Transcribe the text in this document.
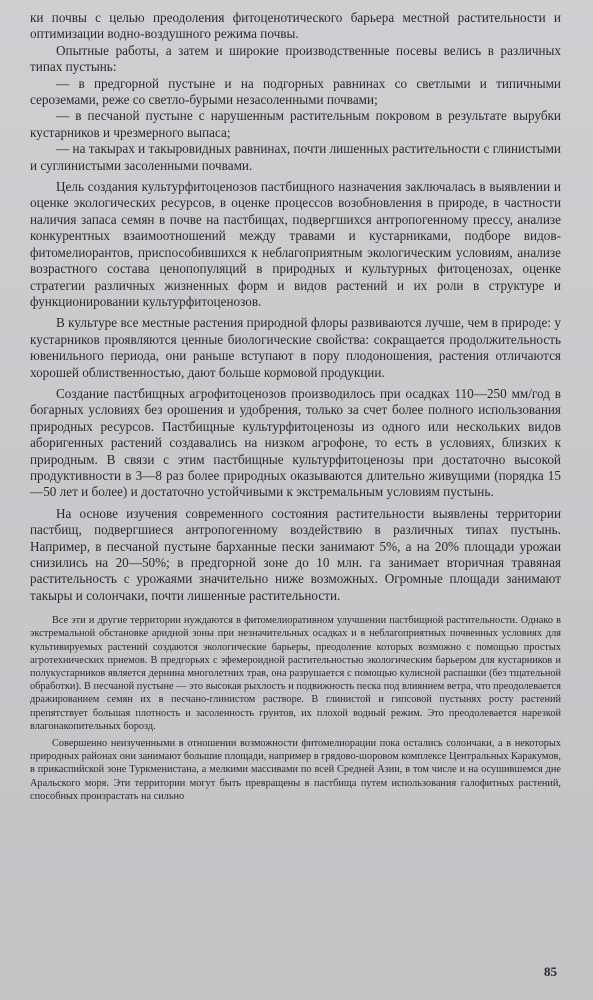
ки почвы с целью преодоления фитоценотического барьера местной растительности и оптимизации водно-воздушного режима почвы.

Опытные работы, а затем и широкие производственные посевы велись в различных типах пустынь:

— в предгорной пустыне и на подгорных равнинах со светлыми и типичными сероземами, реже со светло-бурыми незасоленными почвами;

— в песчаной пустыне с нарушенным растительным покровом в результате вырубки кустарников и чрезмерного выпаса;

— на такырах и такыровидных равнинах, почти лишенных растительности с глинистыми и суглинистыми засоленными почвами.

Цель создания культурфитоценозов пастбищного назначения заключалась в выявлении и оценке экологических ресурсов, в оценке процессов возобновления в природе, в частности наличия запаса семян в почве на пастбищах, подвергшихся антропогенному прессу, анализе конкурентных взаимоотношений между травами и кустарниками, подборе видов-фитомелиорантов, приспособившихся к неблагоприятным экологическим условиям, анализе возрастного состава ценопопуляций в природных и культурных фитоценозах, оценке стратегии различных жизненных форм и видов растений и их роли в структуре и функционировании культурфитоценозов.

В культуре все местные растения природной флоры развиваются лучше, чем в природе: у кустарников проявляются ценные биологические свойства: сокращается продолжительность ювенильного периода, они раньше вступают в пору плодоношения, растения отличаются хорошей облиственностью, дают больше кормовой продукции.

Создание пастбищных агрофитоценозов производилось при осадках 110—250 мм/год в богарных условиях без орошения и удобрения, только за счет более полного использования природных ресурсов. Пастбищные культурфитоценозы из одного или нескольких видов аборигенных растений создавались на низком агрофоне, то есть в условиях, близких к природным. В связи с этим пастбищные культурфитоценозы при достаточно высокой продуктивности в 3—8 раз более природных оказываются длительно живущими (порядка 15—50 лет и более) и достаточно устойчивыми к экстремальным условиям пустынь.

На основе изучения современного состояния растительности выявлены территории пастбищ, подвергшиеся антропогенному воздействию в различных типах пустынь. Например, в песчаной пустыне барханные пески занимают 5%, а на 20% площади урожаи снизились на 20—50%; в предгорной зоне до 10 млн. га занимает вторичная травяная растительность с урожаями значительно ниже возможных. Огромные площади занимают такыры и солончаки, почти лишенные растительности.

Все эти и другие территории нуждаются в фитомелиоративном улучшении пастбищной растительности. Однако в экстремальной обстановке аридной зоны при незначительных осадках и в неблагоприятных почвенных условиях для культивируемых растений создаются экологические барьеры, преодоление которых возможно с помощью простых агротехнических приемов. В предгорьях с эфемероидной растительностью экологическим барьером для кустарников и полукустарников является дернина многолетних трав, она разрушается с помощью кулисной распашки (без тщательной обработки). В песчаной пустыне — это высокая рыхлость и подвижность песка под влиянием ветра, что преодолевается дражированием семян их в песчано-глинистом растворе. В глинистой и гипсовой пустынях росту растений препятствует большая плотность и засоленность грунтов, их плохой водный режим. Это преодолевается нарезкой влагонакопительных борозд.

Совершенно неизученными в отношении возможности фитомелиорации пока остались солончаки, а в некоторых природных районах они занимают большие площади, например в грядово-шоровом комплексе Центральных Каракумов, в прикаспийской зоне Туркменистана, а мелкими массивами по всей Средней Азии, в том числе и на осушившемся дне Аральского моря. Эти территории могут быть превращены в пастбища путем использования галофитных растений, способных произрастать на сильно

85
